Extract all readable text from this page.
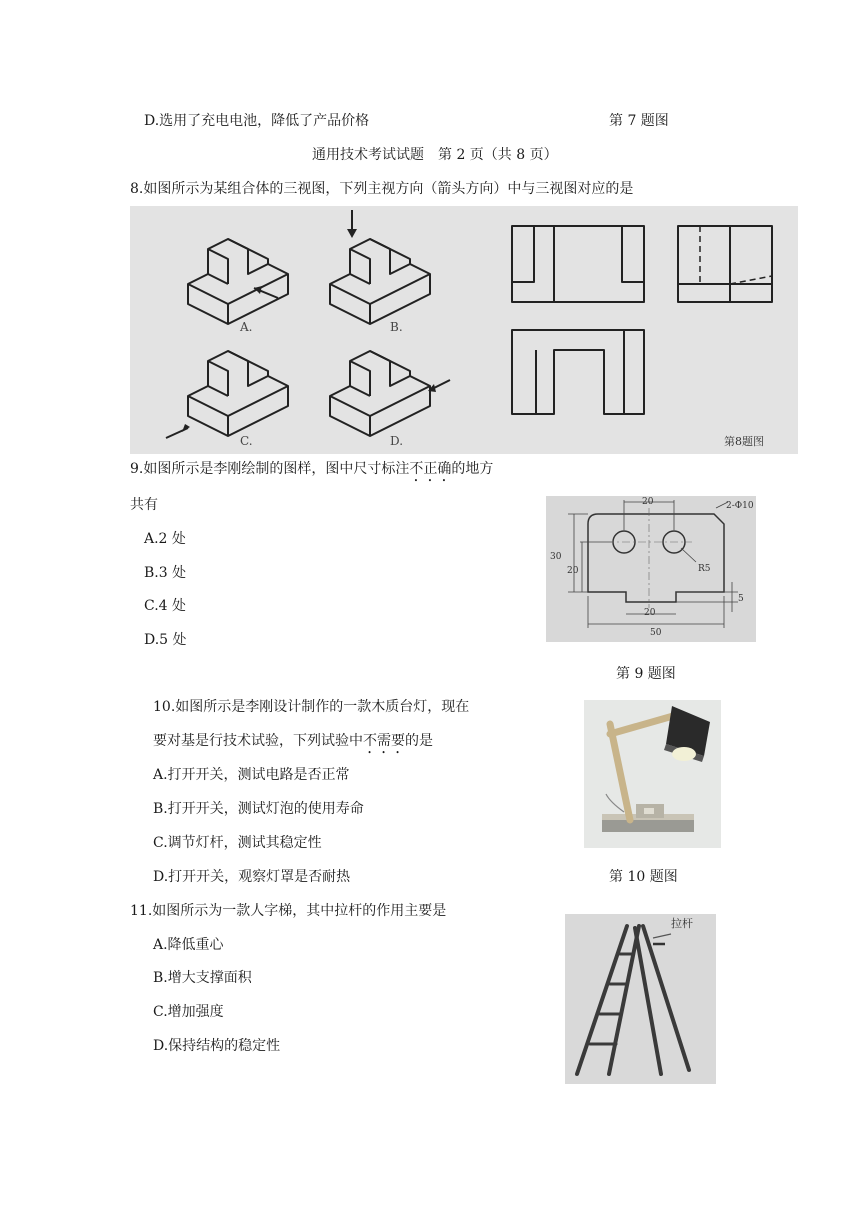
D.选用了充电电池，降低了产品价格	第 7 题图
通用技术考试试题　第 2 页（共 8 页）
8.如图所示为某组合体的三视图，下列主视方向（箭头方向）中与三视图对应的是
A.	B.
C.	D.	第8题图
9.如图所示是李刚绘制的图样，图中尺寸标注不正确的地方
共有
A.2 处
B.3 处
C.4 处
D.5 处
20	2-Φ10
30
20	R5
20
5
50
第 9 题图
10.如图所示是李刚设计制作的一款木质台灯，现在
要对基是行技术试验，下列试验中不需要的是
A.打开开关，测试电路是否正常
B.打开开关，测试灯泡的使用寿命
C.调节灯杆，测试其稳定性
D.打开开关，观察灯罩是否耐热	第 10 题图
11.如图所示为一款人字梯，其中拉杆的作用主要是
A.降低重心
B.增大支撑面积
C.增加强度
D.保持结构的稳定性
拉杆
